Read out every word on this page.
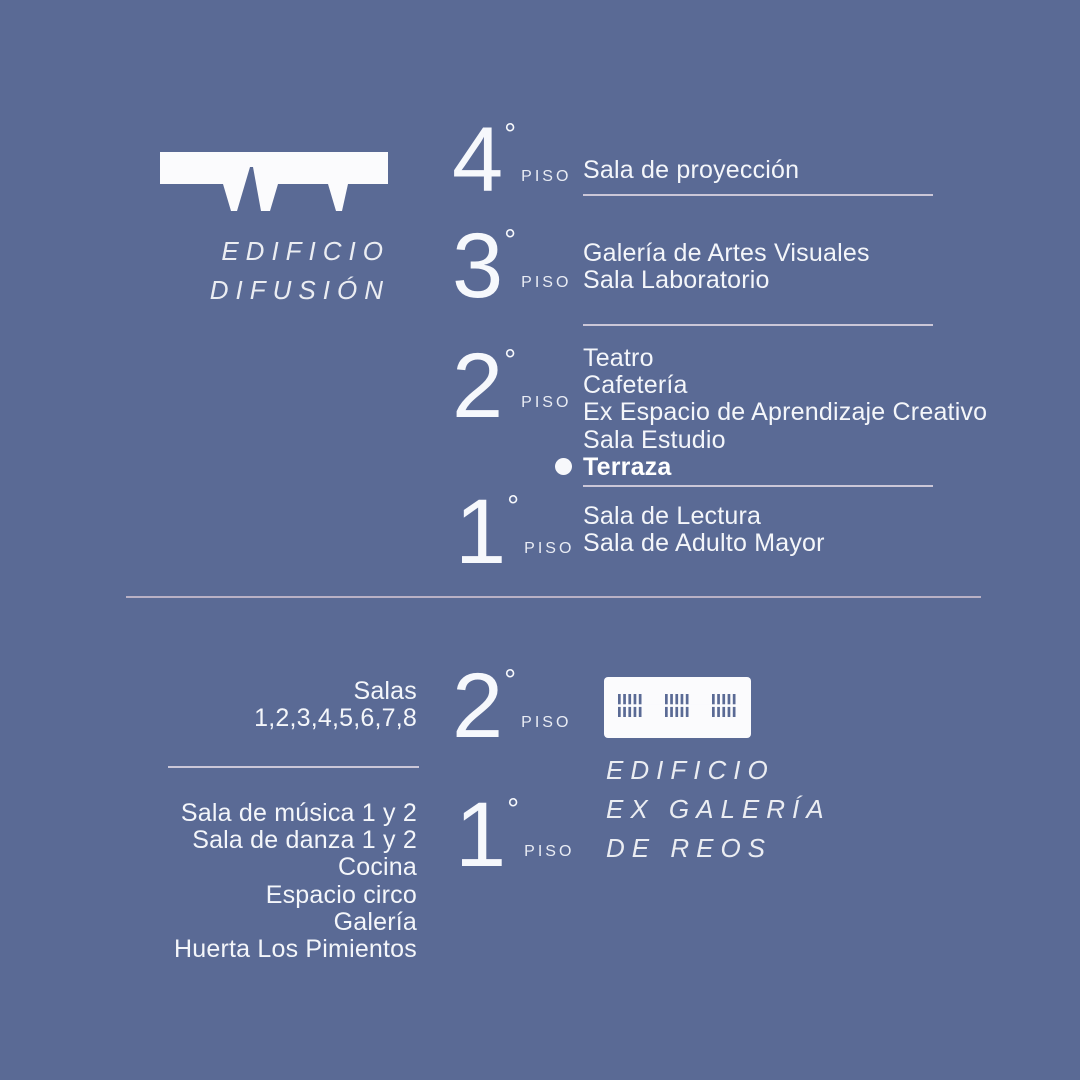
EDIFICIO
DIFUSIÓN
4 °
PISO Sala de proyección
3 °
PISO
Galería de Artes Visuales
Sala Laboratorio
2 °
PISO
Teatro
Cafetería
Ex Espacio de Aprendizaje Creativo
Sala Estudio
Terraza
1 °
PISO
Sala de Lectura
Sala de Adulto Mayor
Salas
1,2,3,4,5,6,7,8 2 °
PISO
1 °
PISO
Sala de música 1 y 2
Sala de danza 1 y 2
Cocina
Espacio circo
Galería
Huerta Los Pimientos
EDIFICIO
EX GALERÍA
DE REOS
